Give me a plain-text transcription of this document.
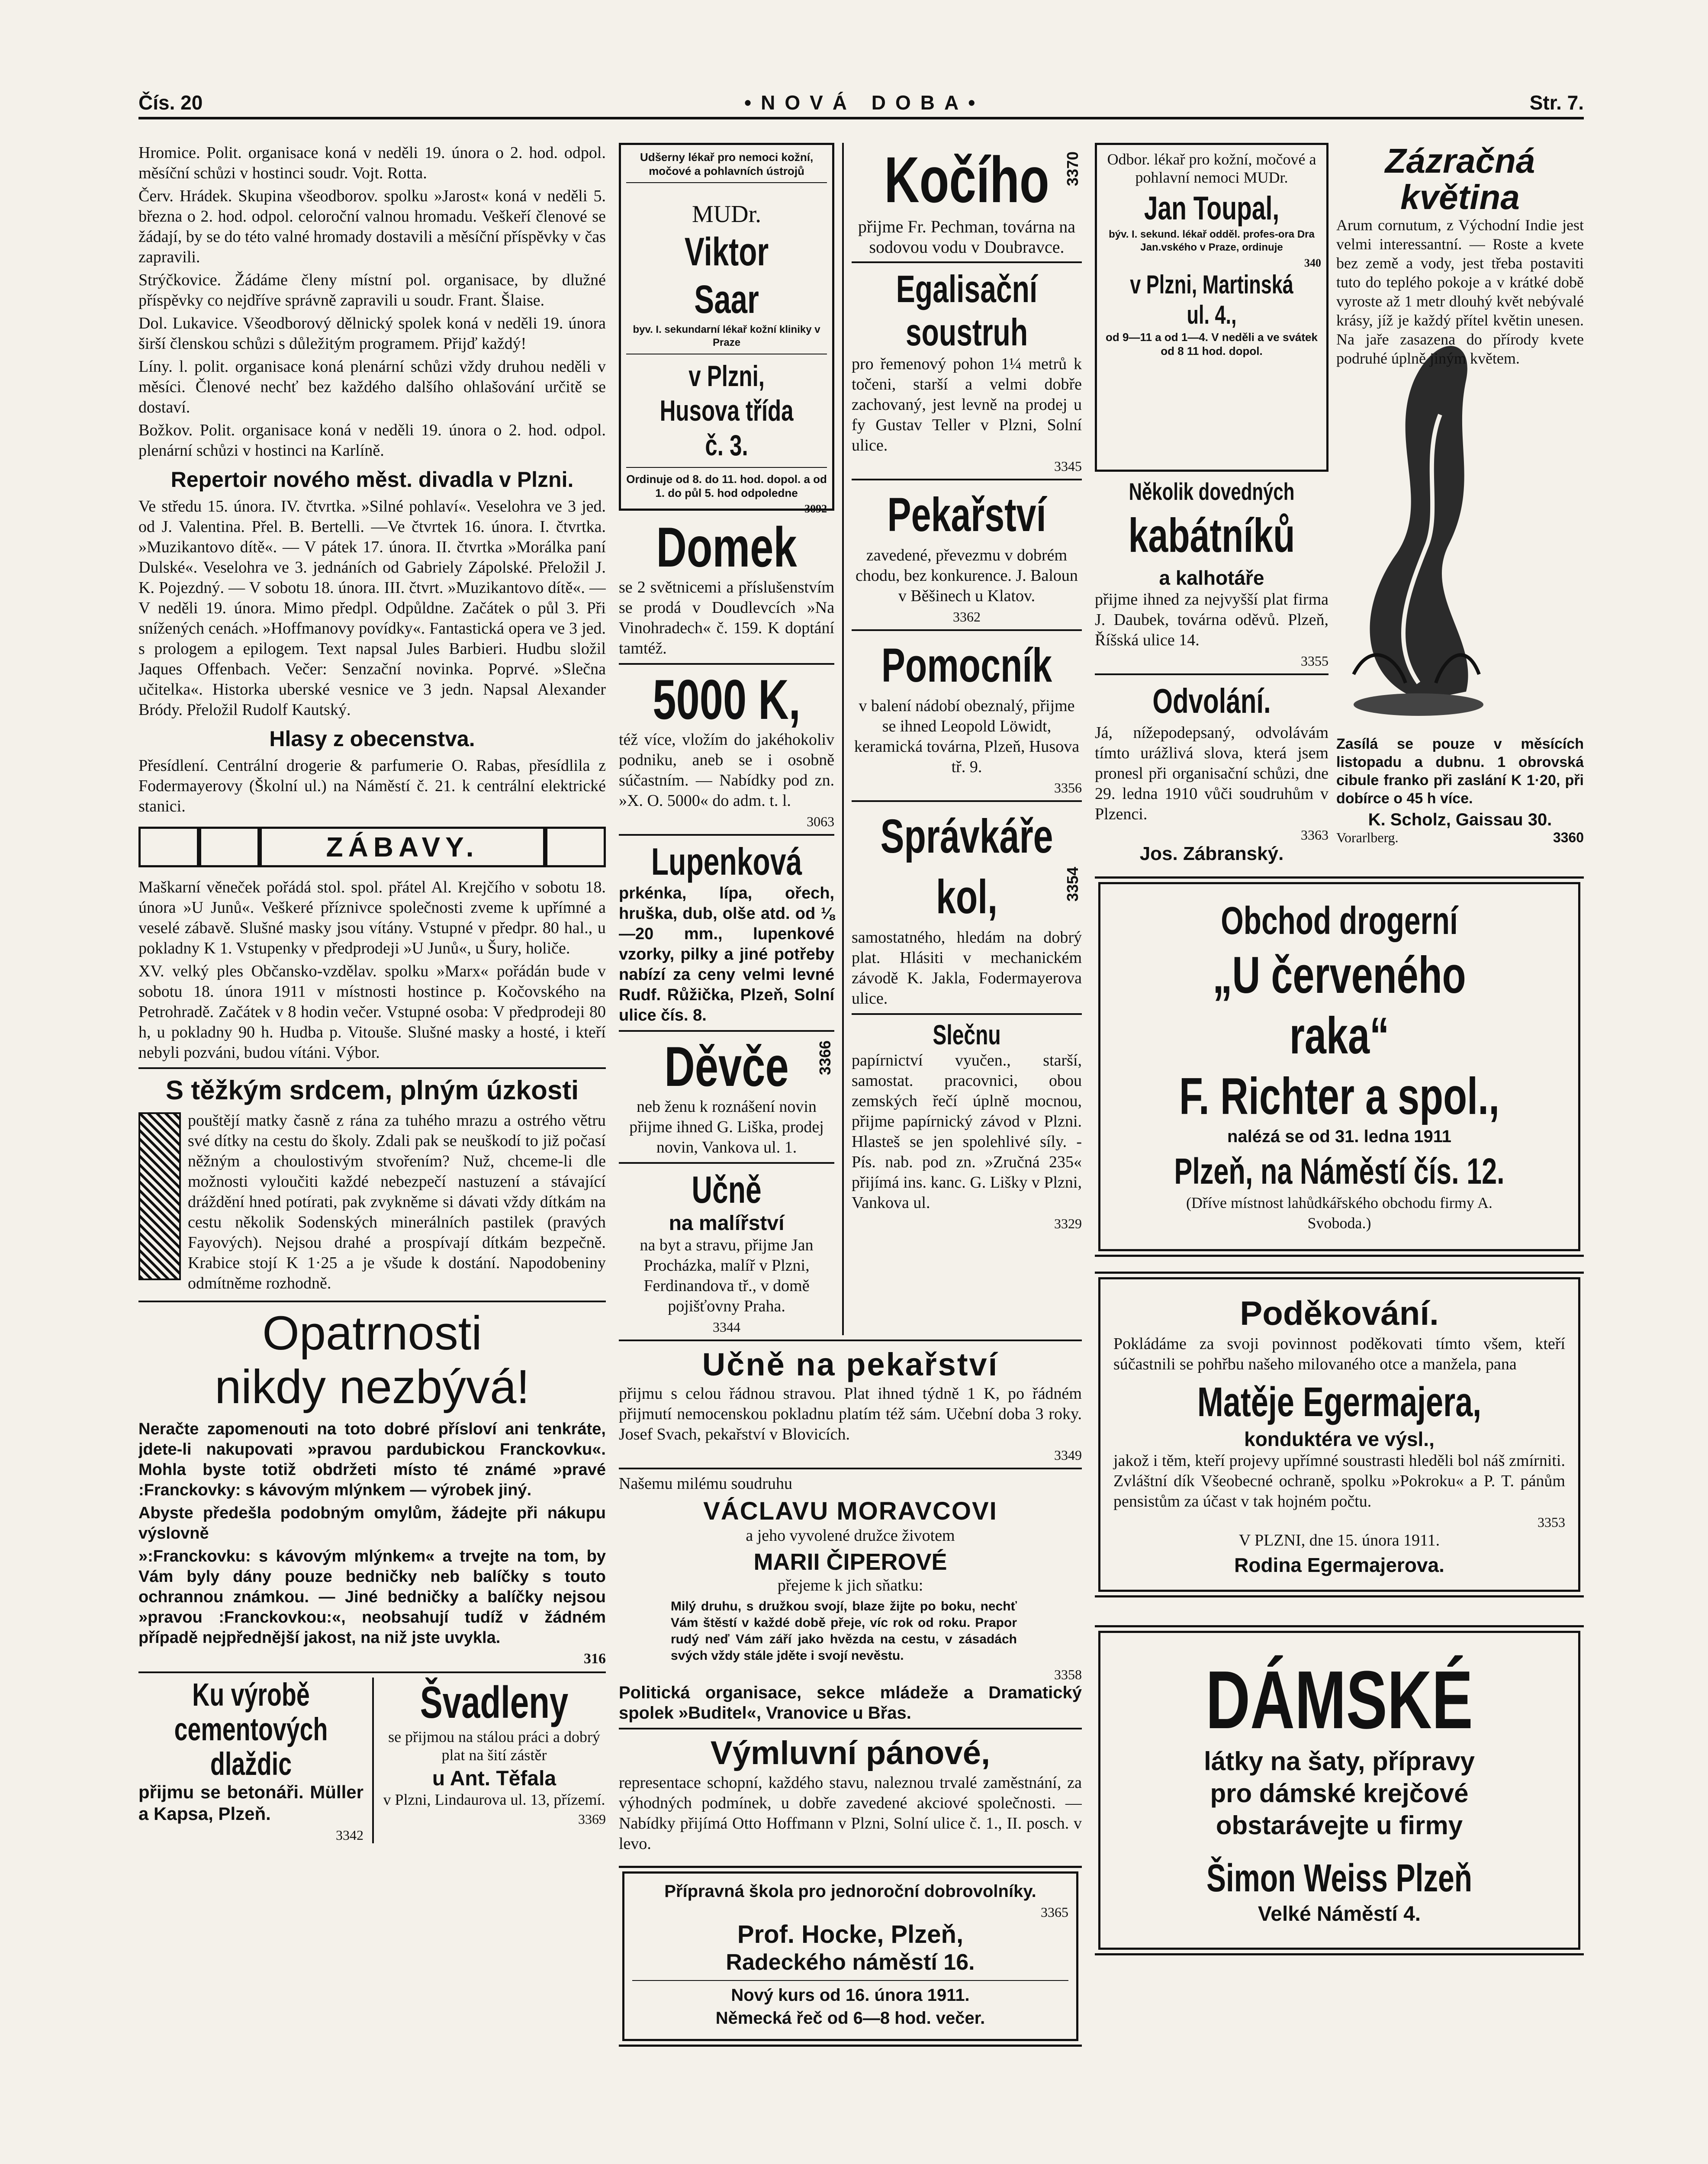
Čís. 20	•NOVÁ DOBA•	Str. 7.

Hromice. Polit. organisace koná v neděli 19. února o 2. hod. odpol. měsíční schůzi v hostinci soudr. Vojt. Rotta.

Červ. Hrádek. Skupina všeodborov. spolku »Jarost« koná v neděli 5. března o 2. hod. odpol. celoroční valnou hromadu. Veškeří členové se žádají, by se do této valné hromady dostavili a měsíční příspěvky v čas zapravili.

Strýčkovice. Žádáme členy místní pol. organisace, by dlužné příspěvky co nejdříve správně zapravili u soudr. Frant. Šlaise.

Dol. Lukavice. Všeodborový dělnický spolek koná v neděli 19. února širší členskou schůzi s důležitým programem. Přijď každý!

Líny. l. polit. organisace koná plenární schůzi vždy druhou neděli v měsíci. Členové nechť bez každého dalšího ohlašování určitě se dostaví.

Božkov. Polit. organisace koná v neděli 19. února o 2. hod. odpol. plenární schůzi v hostinci na Karlíně.

Repertoir nového měst. divadla v Plzni.

Ve středu 15. února. IV. čtvrtka. »Silné pohlaví«. Veselohra ve 3 jed. od J. Valentina. Přel. B. Bertelli. —Ve čtvrtek 16. února. I. čtvrtka. »Muzikantovo dítě«. — V pátek 17. února. II. čtvrtka »Morálka paní Dulské«. Veselohra ve 3. jednáních od Gabriely Zápolské. Přeložil J. K. Pojezdný. — V sobotu 18. února. III. čtvrt. »Muzikantovo dítě«. — V neděli 19. února. Mimo předpl. Odpůldne. Začátek o půl 3. Při snížených cenách. »Hoffmanovy povídky«. Fantastická opera ve 3 jed. s prologem a epilogem. Text napsal Jules Barbieri. Hudbu složil Jaques Offenbach. Večer: Senzační novinka. Poprvé. »Slečna učitelka«. Historka uberské vesnice ve 3 jedn. Napsal Alexander Bródy. Přeložil Rudolf Kautský.

Hlasy z obecenstva.

Přesídlení. Centrální drogerie & parfumerie O. Rabas, přesídlila z Fodermayerovy (Školní ul.) na Náměstí č. 21. k centrální elektrické stanici.

ZÁBAVY.

Maškarní věneček pořádá stol. spol. přátel Al. Krejčího v sobotu 18. února »U Junů«. Veškeré příznivce společnosti zveme k upřímné a veselé zábavě. Slušné masky jsou vítány. Vstupné v předpr. 80 hal., u pokladny K 1. Vstupenky v předprodeji »U Junů«, u Šury, holiče.

XV. velký ples Občansko-vzdělav. spolku »Marx« pořádán bude v sobotu 18. února 1911 v místnosti hostince p. Kočovského na Petrohradě. Začátek v 8 hodin večer. Vstupné osoba: V předprodeji 80 h, u pokladny 90 h. Hudba p. Vitouše. Slušné masky a hosté, i kteří nebyli pozváni, budou vítáni. Výbor.

S těžkým srdcem, plným úzkosti

pouštějí matky časně z rána za tuhého mrazu a ostrého větru své dítky na cestu do školy. Zdali pak se neuškodí to již počasí něžným a choulostivým stvořením? Nuž, chceme-li dle možnosti vyloučiti každé nebezpečí nastuzení a stávající dráždění hned potírati, pak zvykněme si dávati vždy dítkám na cestu několik Sodenských minerálních pastilek (pravých Fayových). Nejsou drahé a prospívají dítkám bezpečně. Krabice stojí K 1·25 a je všude k dostání. Napodobeniny odmítněme rozhodně.

Opatrnosti
nikdy nezbývá!

Neračte zapomenouti na toto dobré přísloví ani tenkráte, jdete-li nakupovati »pravou pardubickou Franckovku«. Mohla byste totiž obdržeti místo té známé »pravé :Franckovky: s kávovým mlýnkem — výrobek jiný.

Abyste předešla podobným omylům, žádejte při nákupu výslovně

»:Franckovku: s kávovým mlýnkem« a trvejte na tom, by Vám byly dány pouze bedničky neb balíčky s touto ochrannou známkou. — Jiné bedničky a balíčky nejsou »pravou :Franckovkou:«, neobsahují tudíž v žádném případě nejpřednější jakost, na niž jste uvykla.

316
Ku výrobě
cementových
dlaždic

přijmu se betonáři. Müller a Kapsa, Plzeň.

3342
Švadleny

se přijmou na stálou práci a dobrý plat na šití zástěr

u Ant. Těfala

v Plzni, Lindaurova ul. 13, přízemí.

3369

Udšerny lékař pro nemoci kožní, močové a pohlavních ústrojů

MUDr.
Viktor Saar

byv. I. sekundarní lékař kožní kliniky v Praze

v Plzni, Husova třída č. 3.

Ordinuje od 8. do 11. hod. dopol. a od 1. do půl 5. hod odpoledne

3092
Domek

se 2 světnicemi a příslušenstvím se prodá v Doudlevcích »Na Vinohradech« č. 159. K doptání tamtéž.

5000 K,

též více, vložím do jakéhokoliv podniku, aneb se i osobně súčastním. — Nabídky pod zn. »X. O. 5000« do adm. t. l.

3063
Lupenková

prkénka, lípa, ořech, hruška, dub, olše atd. od ⅛—20 mm., lupenkové vzorky, pilky a jiné potřeby nabízí za ceny velmi levné Rudf. Růžička, Plzeň, Solní ulice čís. 8.

Děvče	3366

neb ženu k roznášení novin přijme ihned G. Liška, prodej novin, Vankova ul. 1.

Učně
na malířství

na byt a stravu, přijme Jan Procházka, malíř v Plzni, Ferdinandova tř., v domě pojišťovny Praha.

3344
Kočího 3370

přijme Fr. Pechman, továrna na sodovou vodu v Doubravce.

Egalisační
soustruh

pro řemenový pohon 1¼ metrů k točeni, starší a velmi dobře zachovaný, jest levně na prodej u fy Gustav Teller v Plzni, Solní ulice.

3345
Pekařství

zavedené, převezmu v dobrém chodu, bez konkurence. J. Baloun v Běšinech u Klatov.

3362
Pomocník

v balení nádobí obeznalý, přijme se ihned Leopold Löwidt, keramická továrna, Plzeň, Husova tř. 9.

3356
Správkáře
kol,	3354

samostatného, hledám na dobrý plat. Hlásiti v mechanickém závodě K. Jakla, Fodermayerova ulice.

Slečnu

papírnictví vyučen., starší, samostat. pracovnici, obou zemských řečí úplně mocnou, přijme papírnický závod v Plzni. Hlasteš se jen spolehlivé síly. - Pís. nab. pod zn. »Zručná 235« přijímá ins. kanc. G. Lišky v Plzni, Vankova ul.

3329
Učně na pekařství

přijmu s celou řádnou stravou. Plat ihned týdně 1 K, po řádném přijmutí nemocenskou pokladnu platím též sám. Učební doba 3 roky. Josef Svach, pekařství v Blovicích.

3349

Našemu milému soudruhu

VÁCLAVU MORAVCOVI

a jeho vyvolené družce životem

MARII ČIPEROVÉ

přejeme k jich sňatku:

Milý druhu, s družkou svojí, blaze žijte po boku, nechť Vám štěstí v každé době přeje, víc rok od roku. Prapor rudý neď Vám září jako hvězda na cestu, v zásadách svých vždy stále jděte i svojí nevěstu.

3358

Politická organisace, sekce mládeže a Dramatický spolek »Buditel«, Vranovice u Břas.

Výmluvní pánové,

representace schopní, každého stavu, naleznou trvalé zaměstnání, za výhodných podmínek, u dobře zavedené akciové společnosti. — Nabídky přijímá Otto Hoffmann v Plzni, Solní ulice č. 1., II. posch. v levo.

Přípravná škola pro jednoroční dobrovolníky.

3365
Prof. Hocke, Plzeň,
Radeckého náměstí 16.

Nový kurs od 16. února 1911.

Německá řeč od 6—8 hod. večer.

Odbor. lékař pro kožní, močové a pohlavní nemoci MUDr.

Jan Toupal,

býv. I. sekund. lékař odděl. profes-ora Dra Jan.vského v Praze, ordinuje

340
v Plzni, Martinská ul. 4.,

od 9—11 a od 1—4. V neděli a ve svátek od 8 11 hod. dopol.

Několik dovedných
kabátníků
a kalhotáře

přijme ihned za nejvyšší plat firma J. Daubek, továrna oděvů. Plzeň, Říšská ulice 14.

3355
Odvolání.

Já, nížepodepsaný, odvolávám tímto urážlivá slova, která jsem pronesl při organisační schůzi, dne 29. ledna 1910 vůči soudruhům v Plzenci.

3363
Jos. Zábranský.
Zázračná
květina

Arum cornutum, z Východní Indie jest velmi interessantní. — Roste a kvete bez země a vody, jest třeba postaviti tuto do teplého pokoje a v krátké době vyroste až 1 metr dlouhý květ nebývalé krásy, jíž je každý přítel květin unesen. Na jaře zasazena do přírody kvete podruhé úplně jiným květem.

Zasílá se pouze v měsících listopadu a dubnu. 1 obrovská cibule franko při zaslání K 1·20, při dobírce o 45 h více.

K. Scholz, Gaissau 30.
Vorarlberg.	3360
Obchod drogerní
„U červeného raka“
F. Richter a spol.,

nalézá se od 31. ledna 1911

Plzeň, na Náměstí čís. 12.

(Dříve místnost lahůdkářského obchodu firmy A. Svoboda.)

Poděkování.

Pokládáme za svoji povinnost poděkovati tímto všem, kteří súčastnili se pohřbu našeho milovaného otce a manžela, pana

Matěje Egermajera,
konduktéra ve výsl.,

jakož i těm, kteří projevy upřímné soustrasti hleděli bol náš zmírniti. Zvláštní dík Všeobecné ochraně, spolku »Pokroku« a P. T. pánům pensistům za účast v tak hojném počtu.

3353

V PLZNI, dne 15. února 1911.

Rodina Egermajerova.
DÁMSKÉ

látky na šaty, přípravy pro dámské krejčové obstarávejte u firmy

Šimon Weiss Plzeň
Velké Náměstí 4.
